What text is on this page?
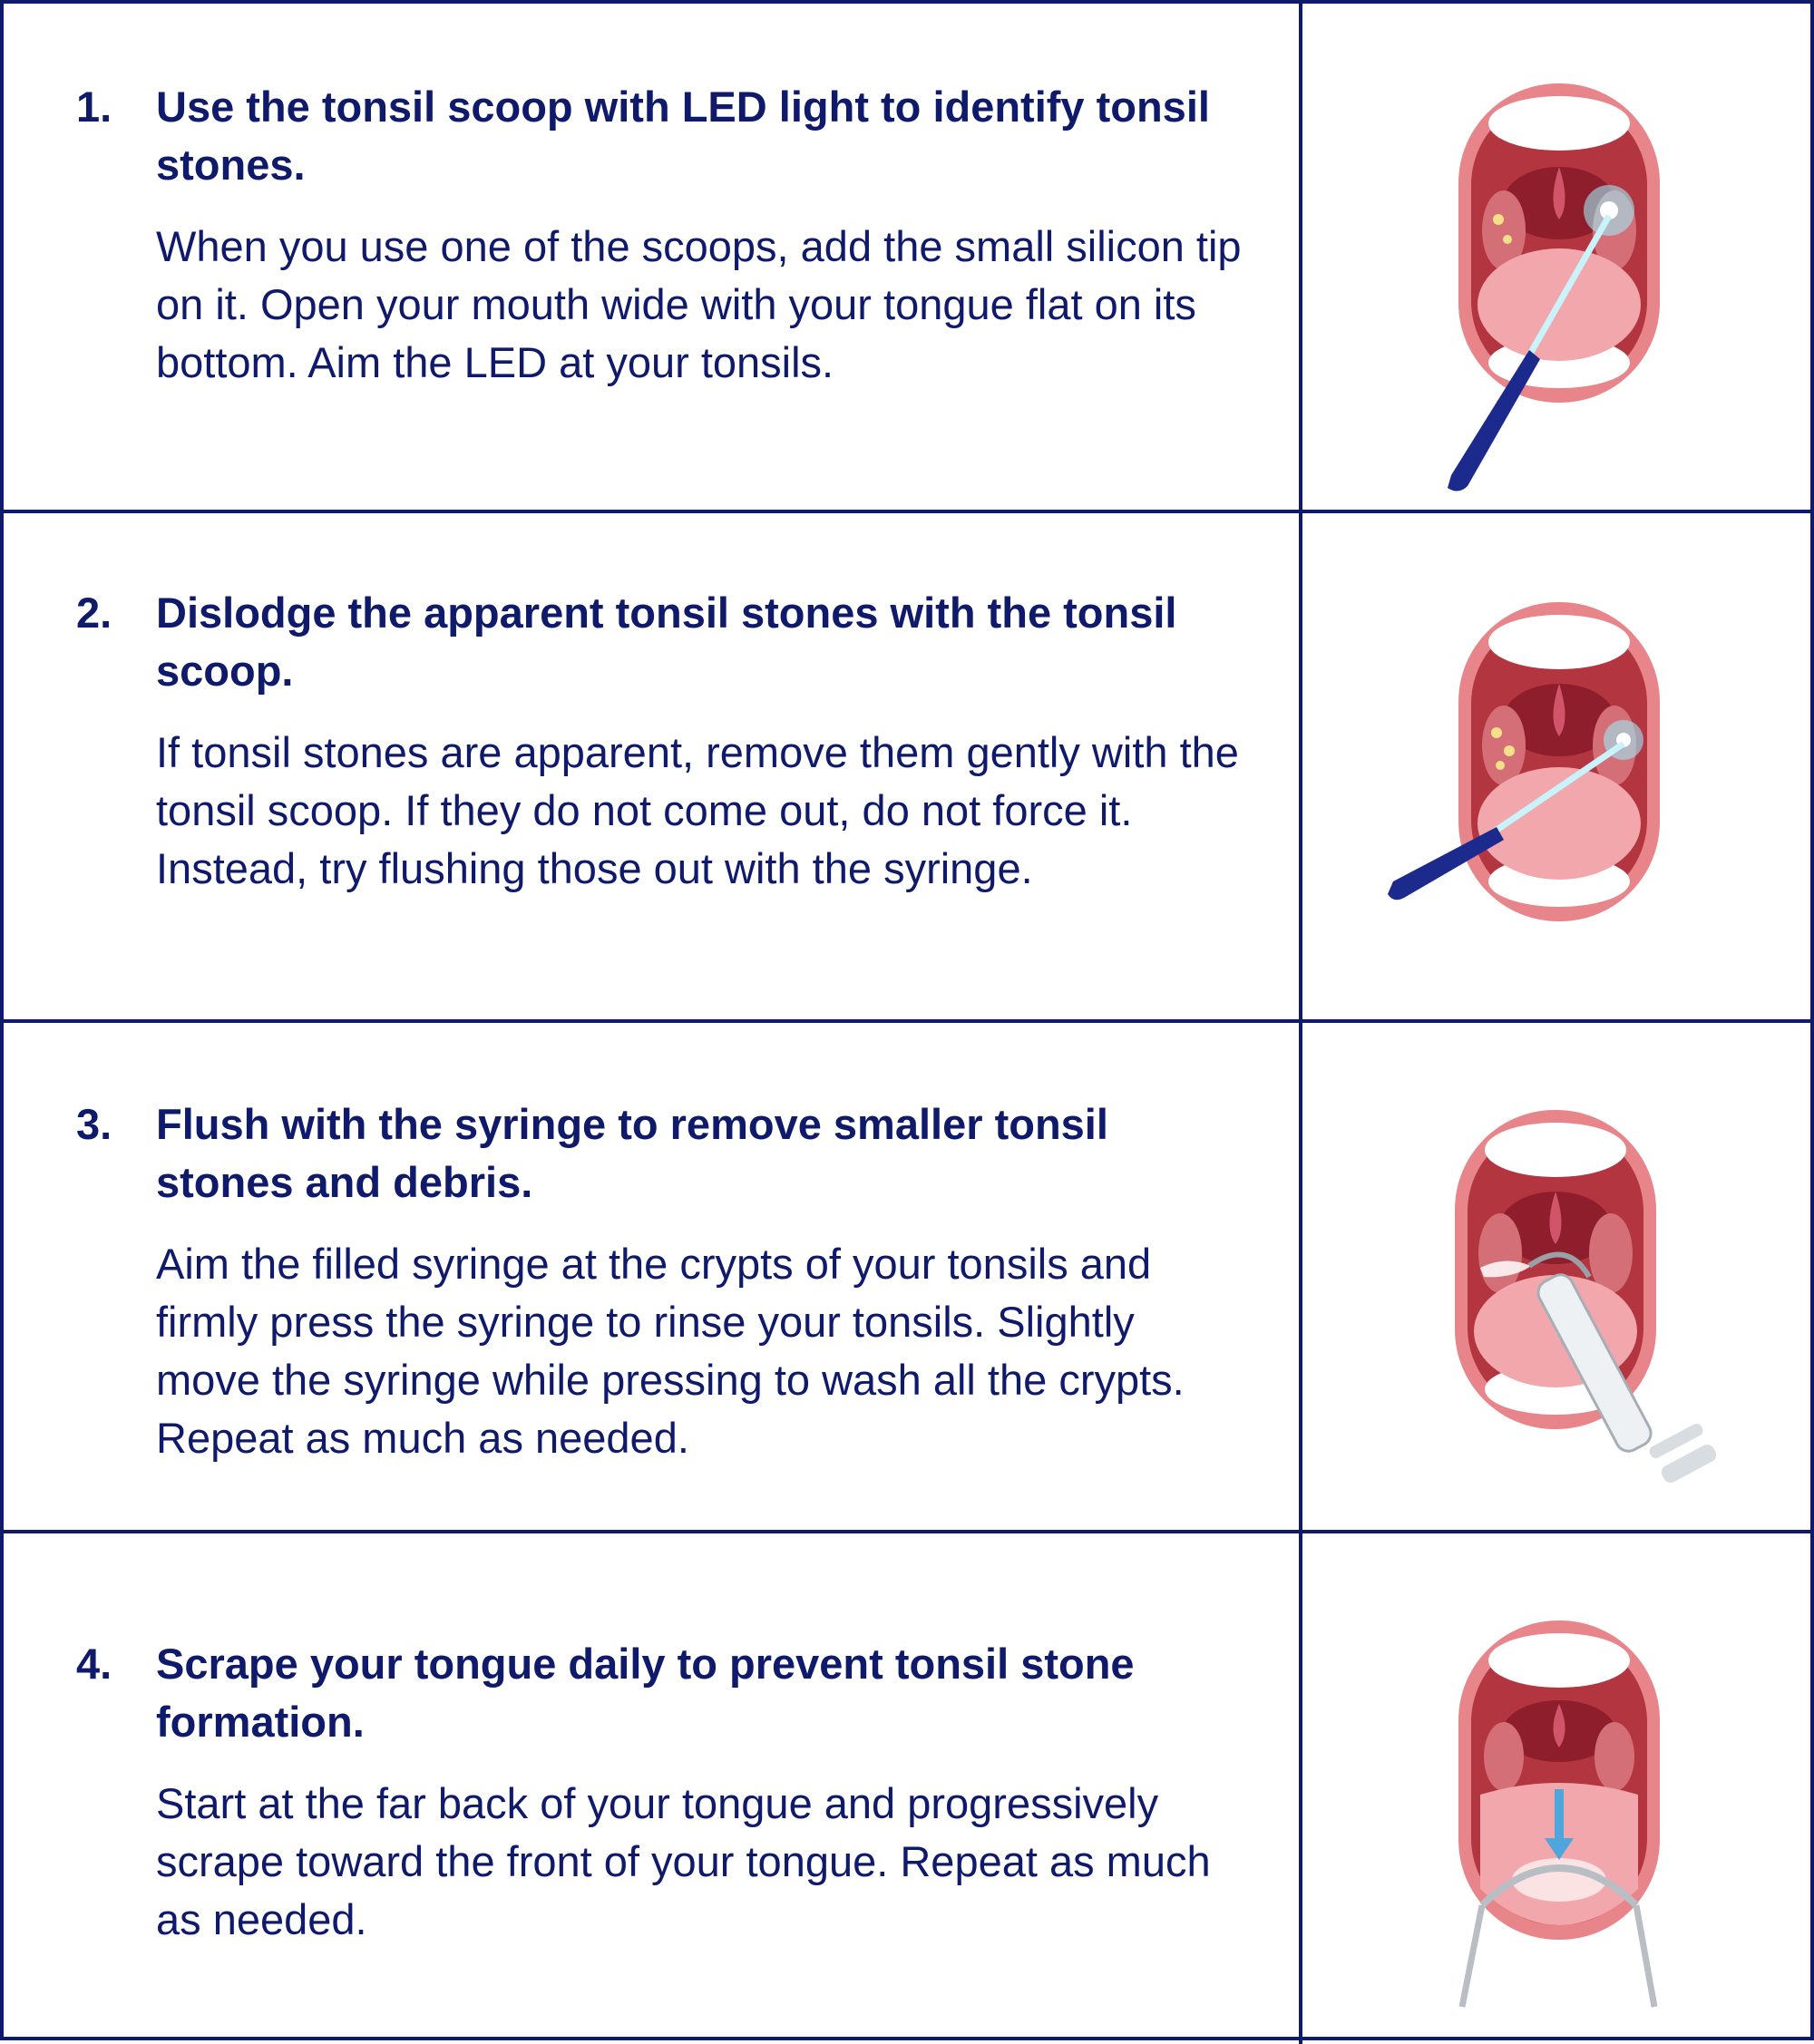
1. Use the tonsil scoop with LED light to identify tonsil stones.

When you use one of the scoops, add the small silicon tip on it. Open your mouth wide with your tongue flat on its bottom. Aim the LED at your tonsils.

2. Dislodge the apparent tonsil stones with the tonsil scoop.

If tonsil stones are apparent, remove them gently with the tonsil scoop. If they do not come out, do not force it. Instead, try flushing those out with the syringe.

3. Flush with the syringe to remove smaller tonsil stones and debris.

Aim the filled syringe at the crypts of your tonsils and firmly press the syringe to rinse your tonsils. Slightly move the syringe while pressing to wash all the crypts. Repeat as much as needed.

4. Scrape your tongue daily to prevent tonsil stone formation.

Start at the far back of your tongue and progressively scrape toward the front of your tongue. Repeat as much as needed.
